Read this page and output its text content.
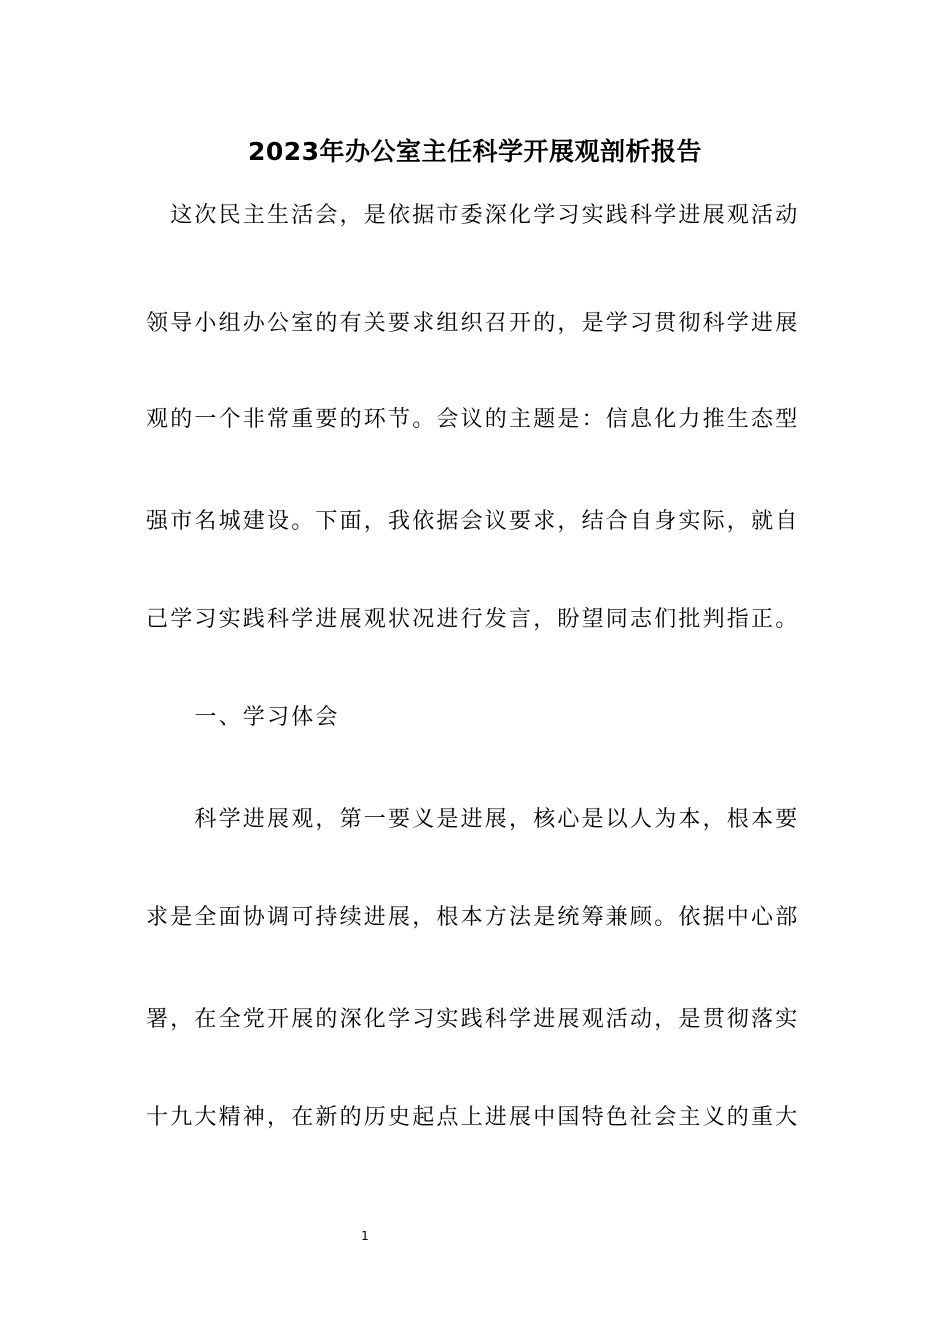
2023年办公室主任科学开展观剖析报告
　这次民主生活会，是依据市委深化学习实践科学进展观活动
领导小组办公室的有关要求组织召开的，是学习贯彻科学进展
观的一个非常重要的环节。会议的主题是：信息化力推生态型
强市名城建设。下面，我依据会议要求，结合自身实际，就自
己学习实践科学进展观状况进行发言，盼望同志们批判指正。
　　一、学习体会
　　科学进展观，第一要义是进展，核心是以人为本，根本要
求是全面协调可持续进展，根本方法是统筹兼顾。依据中心部
署，在全党开展的深化学习实践科学进展观活动，是贯彻落实
十九大精神，在新的历史起点上进展中国特色社会主义的重大
1
